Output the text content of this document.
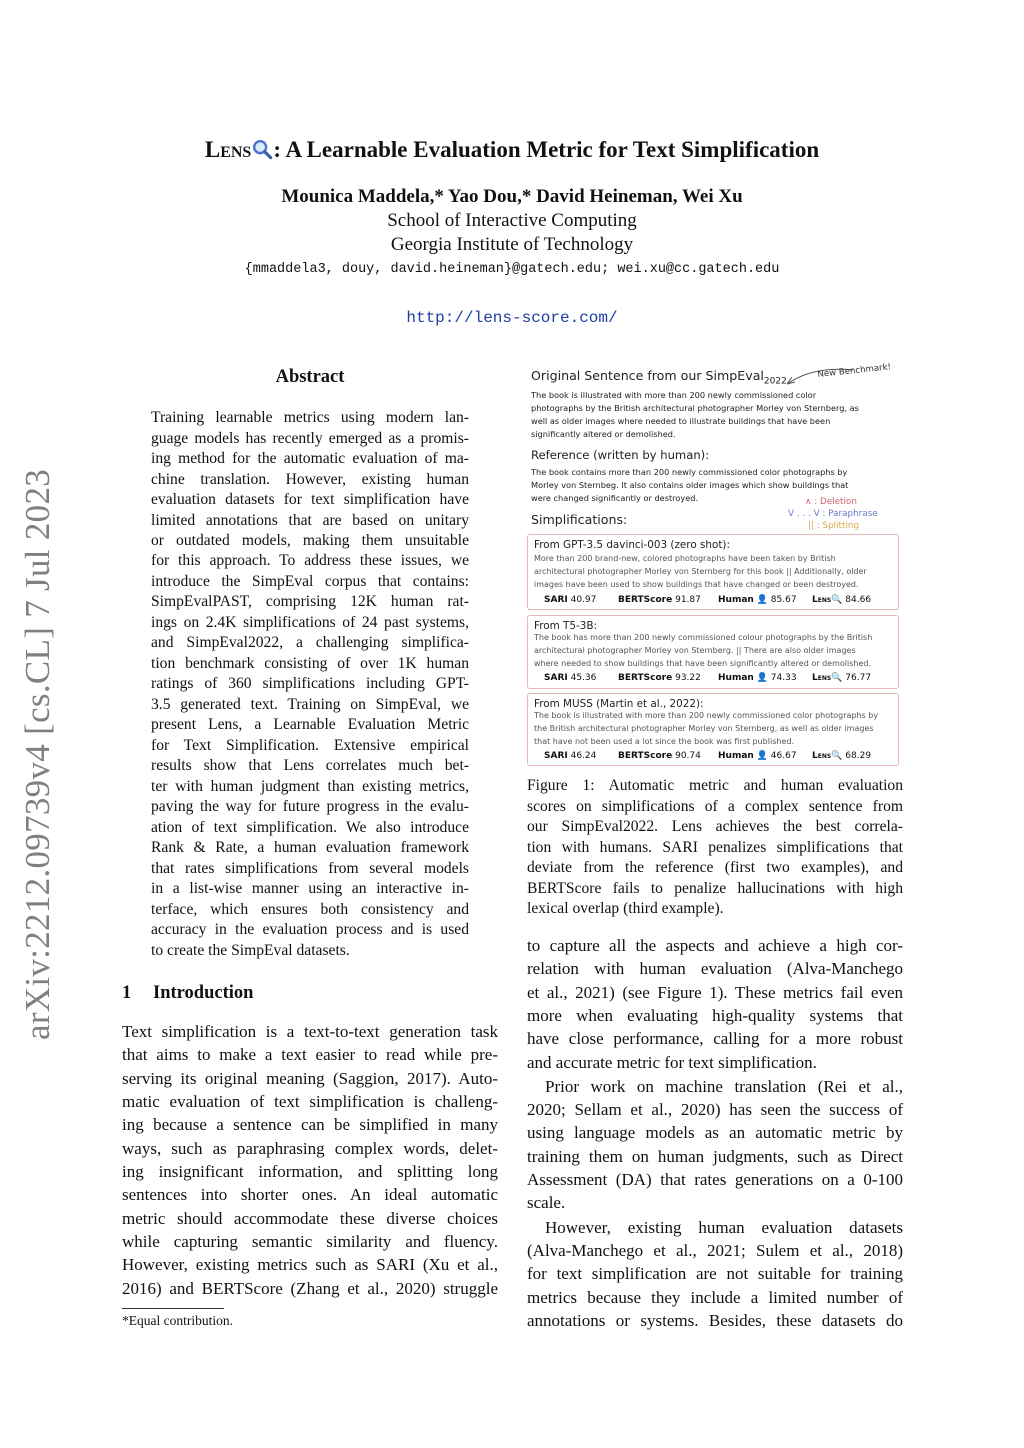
arXiv:2212.09739v4 [cs.CL] 7 Jul 2023
Lens : A Learnable Evaluation Metric for Text Simplification
Mounica Maddela,* Yao Dou,* David Heineman, Wei Xu
School of Interactive Computing
Georgia Institute of Technology
{mmaddela3, douy, david.heineman}@gatech.edu; wei.xu@cc.gatech.edu
http://lens-score.com/
Abstract
Training learnable metrics using modern lan-
guage models has recently emerged as a promis-
ing method for the automatic evaluation of ma-
chine translation. However, existing human
evaluation datasets for text simplification have
limited annotations that are based on unitary
or outdated models, making them unsuitable
for this approach. To address these issues, we
introduce the SimpEval corpus that contains:
SimpEvalPAST, comprising 12K human rat-
ings on 2.4K simplifications of 24 past systems,
and SimpEval2022, a challenging simplifica-
tion benchmark consisting of over 1K human
ratings of 360 simplifications including GPT-
3.5 generated text. Training on SimpEval, we
present Lens, a Learnable Evaluation Metric
for Text Simplification. Extensive empirical
results show that Lens correlates much bet-
ter with human judgment than existing metrics,
paving the way for future progress in the evalu-
ation of text simplification. We also introduce
Rank & Rate, a human evaluation framework
that rates simplifications from several models
in a list-wise manner using an interactive in-
terface, which ensures both consistency and
accuracy in the evaluation process and is used
to create the SimpEval datasets.
1 Introduction
Text simplification is a text-to-text generation task
that aims to make a text easier to read while pre-
serving its original meaning (Saggion, 2017). Auto-
matic evaluation of text simplification is challeng-
ing because a sentence can be simplified in many
ways, such as paraphrasing complex words, delet-
ing insignificant information, and splitting long
sentences into shorter ones. An ideal automatic
metric should accommodate these diverse choices
while capturing semantic similarity and fluency.
However, existing metrics such as SARI (Xu et al.,
2016) and BERTScore (Zhang et al., 2020) struggle
*Equal contribution.
Original Sentence from our SimpEval$_{2022}$
New Benchmark!
The book is illustrated with more than 200 newly commissioned color
photographs by the British architectural photographer Morley von Sternberg, as
well as older images where needed to illustrate buildings that have been
significantly altered or demolished.
Reference (written by human):
The book contains more than 200 newly commissioned color photographs by
Morley von Sternbeg. It also contains older images which show buildings that
were changed significantly or destroyed.	∧ : Deletion
V . . . V : Paraphrase
|| : Splitting
Simplifications:
From GPT-3.5 davinci-003 (zero shot):
More than 200 brand-new, colored photographs have been taken by British
architectural photographer Morley von Sternberg for this book || Additionally, older
images have been used to show buildings that have changed or been destroyed.
SARI 40.97 BERTScore 91.87 Human 👤 85.67 Lens🔍 84.66
From T5-3B:
The book has more than 200 newly commissioned colour photographs by the British
architectural photographer Morley von Sternberg. || There are also older images
where needed to show buildings that have been significantly altered or demolished.
SARI 45.36 BERTScore 93.22 Human 👤 74.33 Lens🔍 76.77
From MUSS (Martin et al., 2022):
The book is illustrated with more than 200 newly commissioned color photographs by
the British architectural photographer Morley von Sternberg, as well as older images
that have not been used a lot since the book was first published.
SARI 46.24 BERTScore 90.74 Human 👤 46.67 Lens🔍 68.29
Figure 1: Automatic metric and human evaluation
scores on simplifications of a complex sentence from
our SimpEval2022. Lens achieves the best correla-
tion with humans. SARI penalizes simplifications that
deviate from the reference (first two examples), and
BERTScore fails to penalize hallucinations with high
lexical overlap (third example).
to capture all the aspects and achieve a high cor-
relation with human evaluation (Alva-Manchego
et al., 2021) (see Figure 1). These metrics fail even
more when evaluating high-quality systems that
have close performance, calling for a more robust
and accurate metric for text simplification.
Prior work on machine translation (Rei et al.,
2020; Sellam et al., 2020) has seen the success of
using language models as an automatic metric by
training them on human judgments, such as Direct
Assessment (DA) that rates generations on a 0-100
scale.
However, existing human evaluation datasets
(Alva-Manchego et al., 2021; Sulem et al., 2018)
for text simplification are not suitable for training
metrics because they include a limited number of
annotations or systems. Besides, these datasets do
